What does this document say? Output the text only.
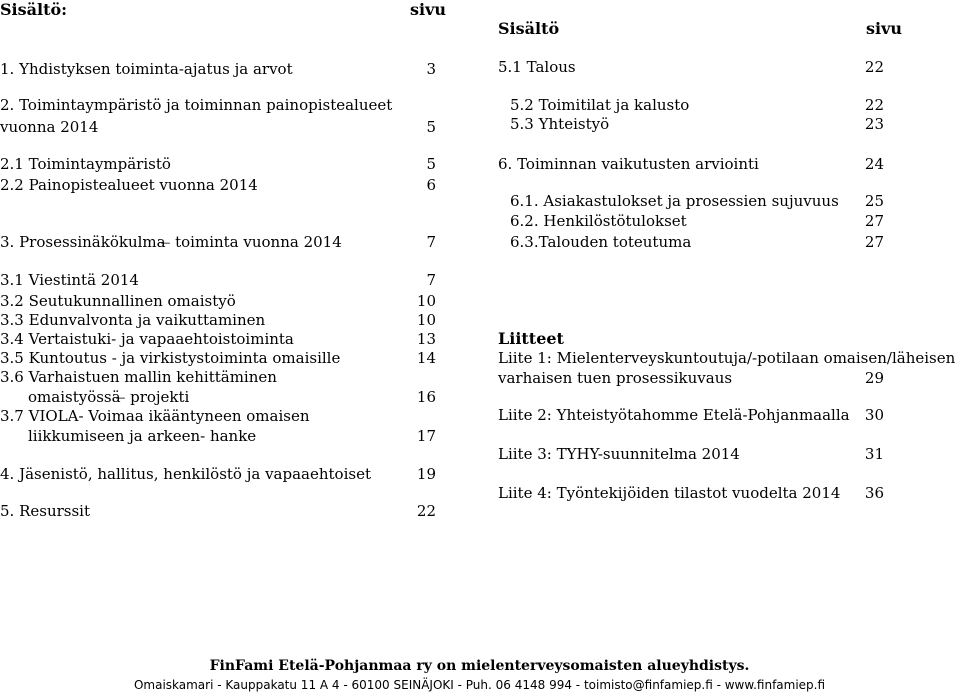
Sisältö:	sivu
1. Yhdistyksen toiminta-ajatus ja arvot	3
2. Toimintaympäristö ja toiminnan painopistealueet
vuonna 2014	5
2.1 Toimintaympäristö	5
2.2 Painopistealueet vuonna 2014	6
3. Prosessinäkökulma ̶ toiminta vuonna 2014	7
3.1 Viestintä 2014	7
3.2 Seutukunnallinen omaistyö	10
3.3 Edunvalvonta ja vaikuttaminen	10
3.4 Vertaistuki- ja vapaaehtoistoiminta	13
3.5 Kuntoutus - ja virkistystoiminta omaisille	14
3.6 Varhaistuen mallin kehittäminen
omaistyössä ̶ projekti	16
3.7 VIOLA- Voimaa ikääntyneen omaisen
liikkumiseen ja arkeen- hanke	17
4. Jäsenistö, hallitus, henkilöstö ja vapaaehtoiset	19
5. Resurssit	22
Sisältö	sivu
5.1 Talous	22
5.2 Toimitilat ja kalusto	22
5.3 Yhteistyö	23
6. Toiminnan vaikutusten arviointi	24
6.1. Asiakastulokset ja prosessien sujuvuus	25
6.2. Henkilöstötulokset	27
6.3.Talouden toteutuma	27
Liitteet
Liite 1: Mielenterveyskuntoutuja/-potilaan omaisen/läheisen
varhaisen tuen prosessikuvaus	29
Liite 2: Yhteistyötahomme Etelä-Pohjanmaalla	30
Liite 3: TYHY-suunnitelma 2014	31
Liite 4: Työntekijöiden tilastot vuodelta 2014	36
FinFami Etelä-Pohjanmaa ry on mielenterveysomaisten alueyhdistys.
Omaiskamari - Kauppakatu 11 A 4 - 60100 SEINÄJOKI - Puh. 06 4148 994 - toimisto@finfamiep.fi - www.finfamiep.fi
